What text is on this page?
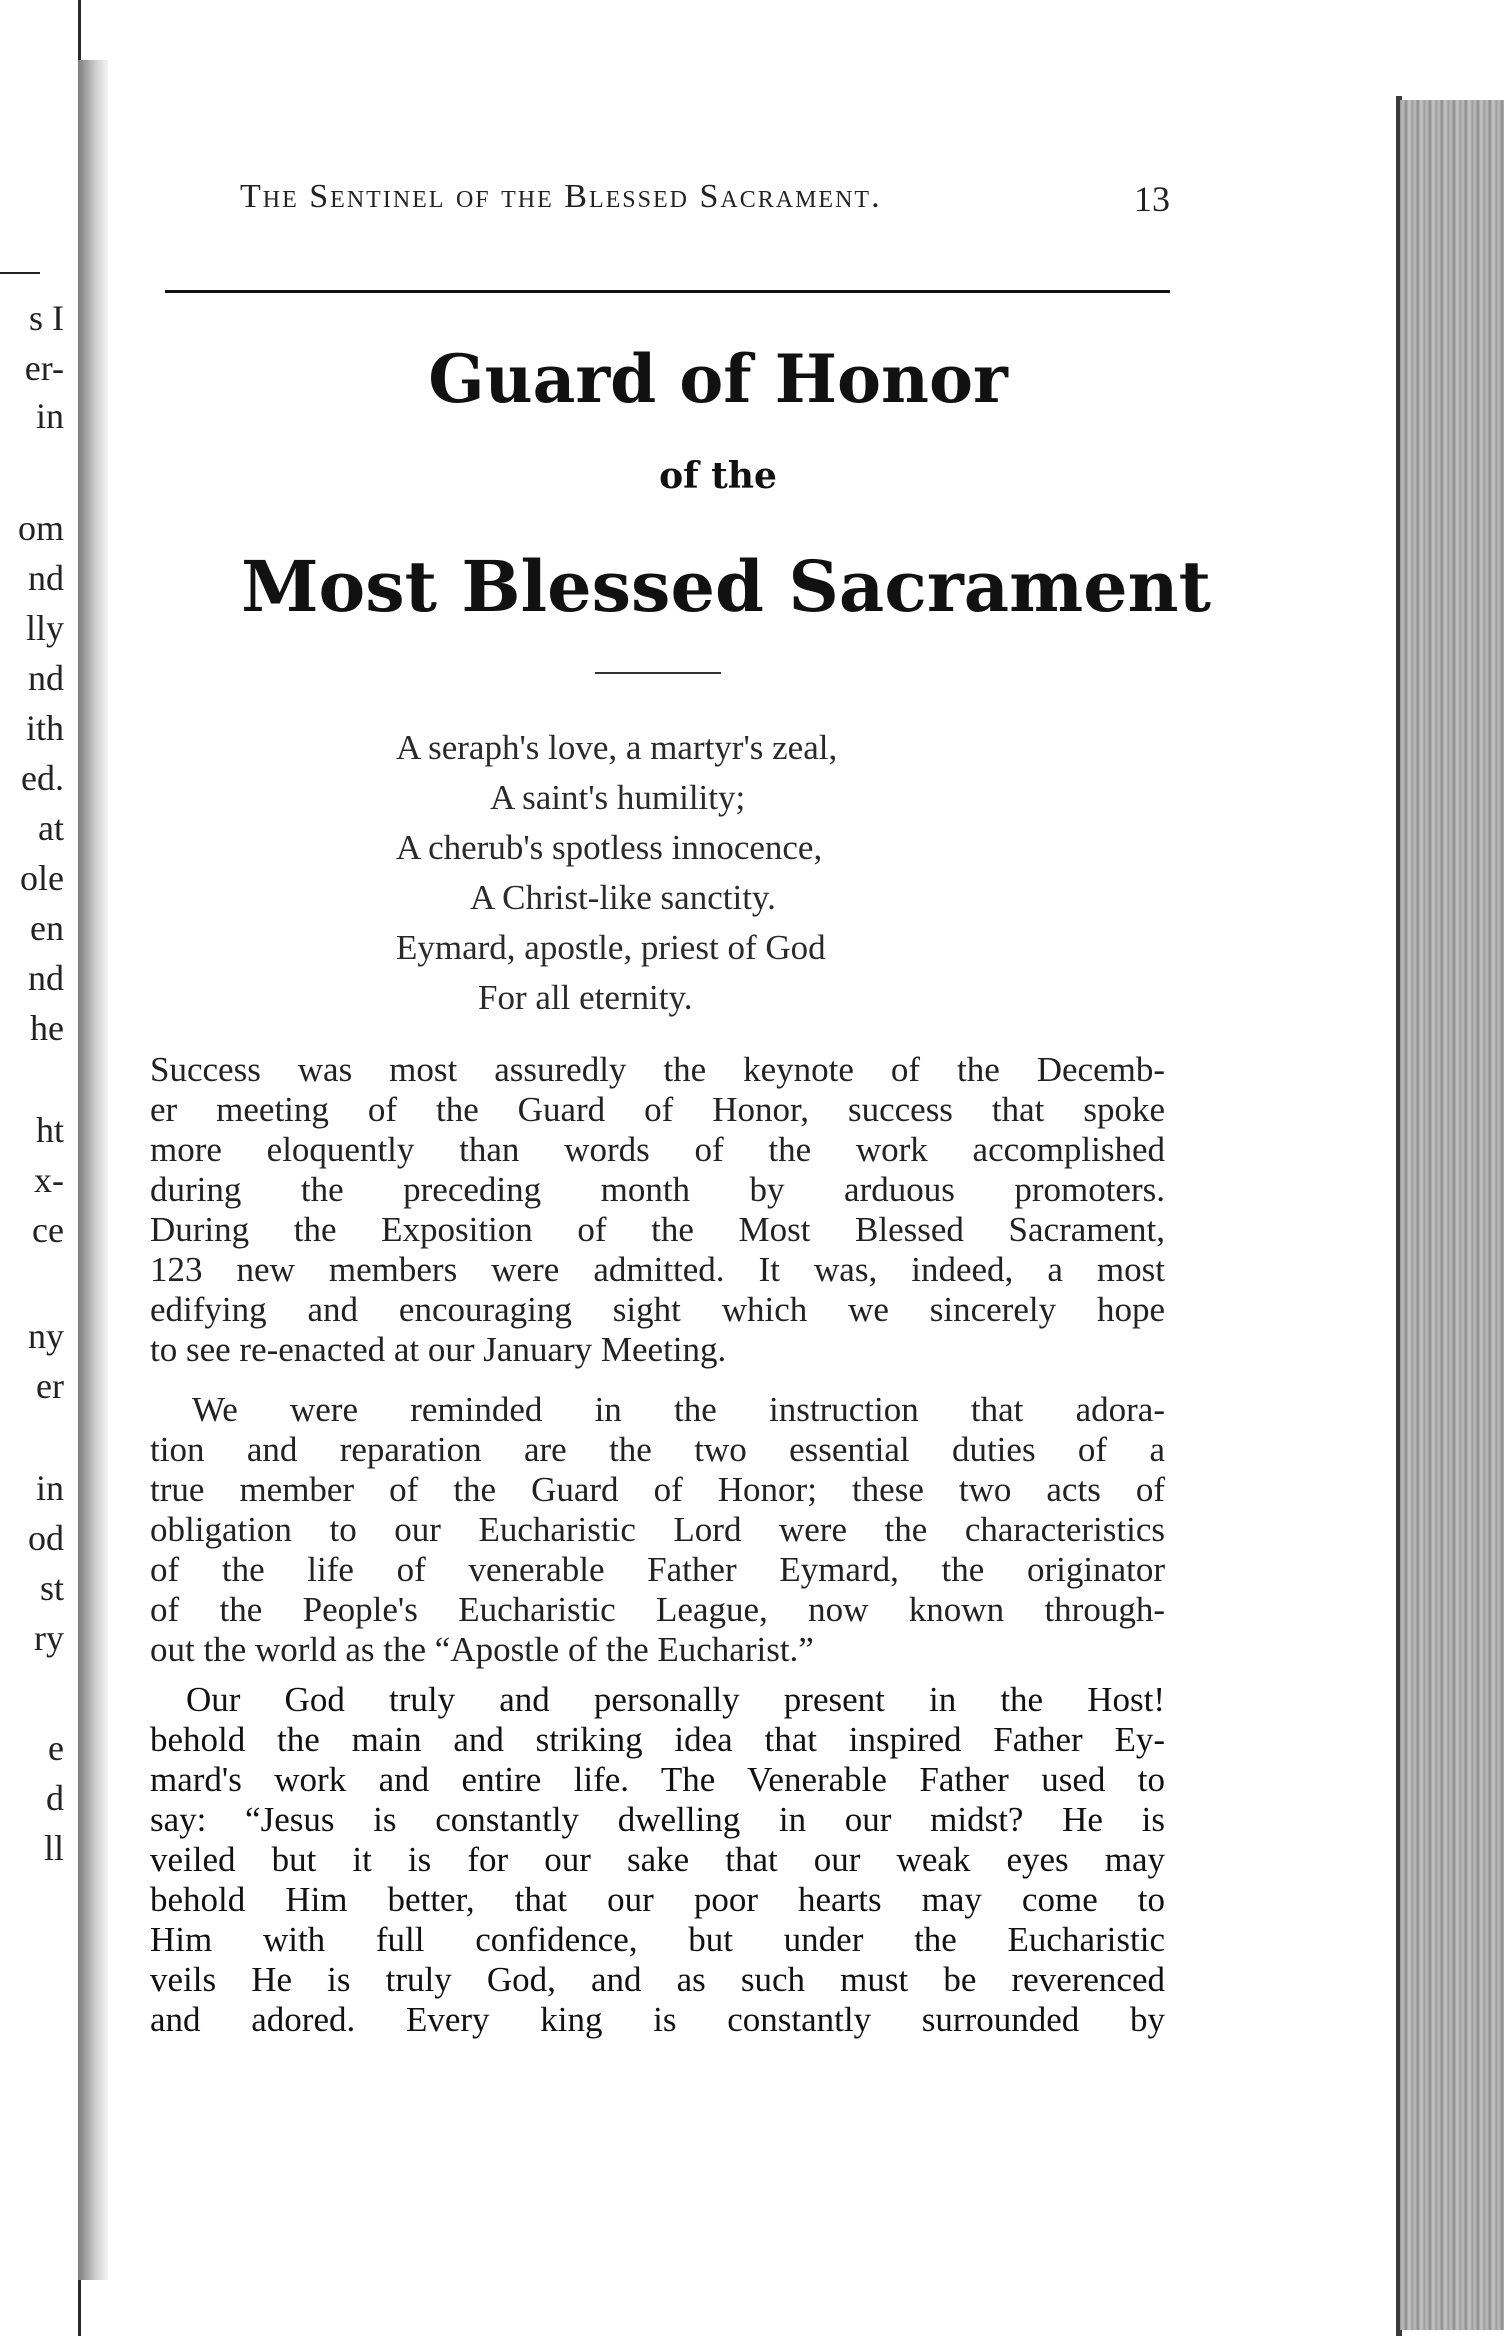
s I
er-
in
om
nd
lly
nd
ith
ed.
at
ole
en
nd
he
ht
x-
ce
ny
er
in
od
st
ry
e
d
ll
The Sentinel of the Blessed Sacrament.	13
Guard of Honor
of the
Most Blessed Sacrament
A seraph's love, a martyr's zeal,
A saint's humility;
A cherub's spotless innocence,
A Christ-like sanctity.
Eymard, apostle, priest of God
For all eternity.
Success was most assuredly the keynote of the Decemb-
er meeting of the Guard of Honor, success that spoke
more eloquently than words of the work accomplished
during the preceding month by arduous promoters.
During the Exposition of the Most Blessed Sacrament,
123 new members were admitted. It was, indeed, a most
edifying and encouraging sight which we sincerely hope
to see re-enacted at our January Meeting.
We were reminded in the instruction that adora-
tion and reparation are the two essential duties of a
true member of the Guard of Honor; these two acts of
obligation to our Eucharistic Lord were the characteristics
of the life of venerable Father Eymard, the originator
of the People's Eucharistic League, now known through-
out the world as the “Apostle of the Eucharist.”
Our God truly and personally present in the Host!
behold the main and striking idea that inspired Father Ey-
mard's work and entire life. The Venerable Father used to
say: “Jesus is constantly dwelling in our midst? He is
veiled but it is for our sake that our weak eyes may
behold Him better, that our poor hearts may come to
Him with full confidence, but under the Eucharistic
veils He is truly God, and as such must be reverenced
and adored. Every king is constantly surrounded by
